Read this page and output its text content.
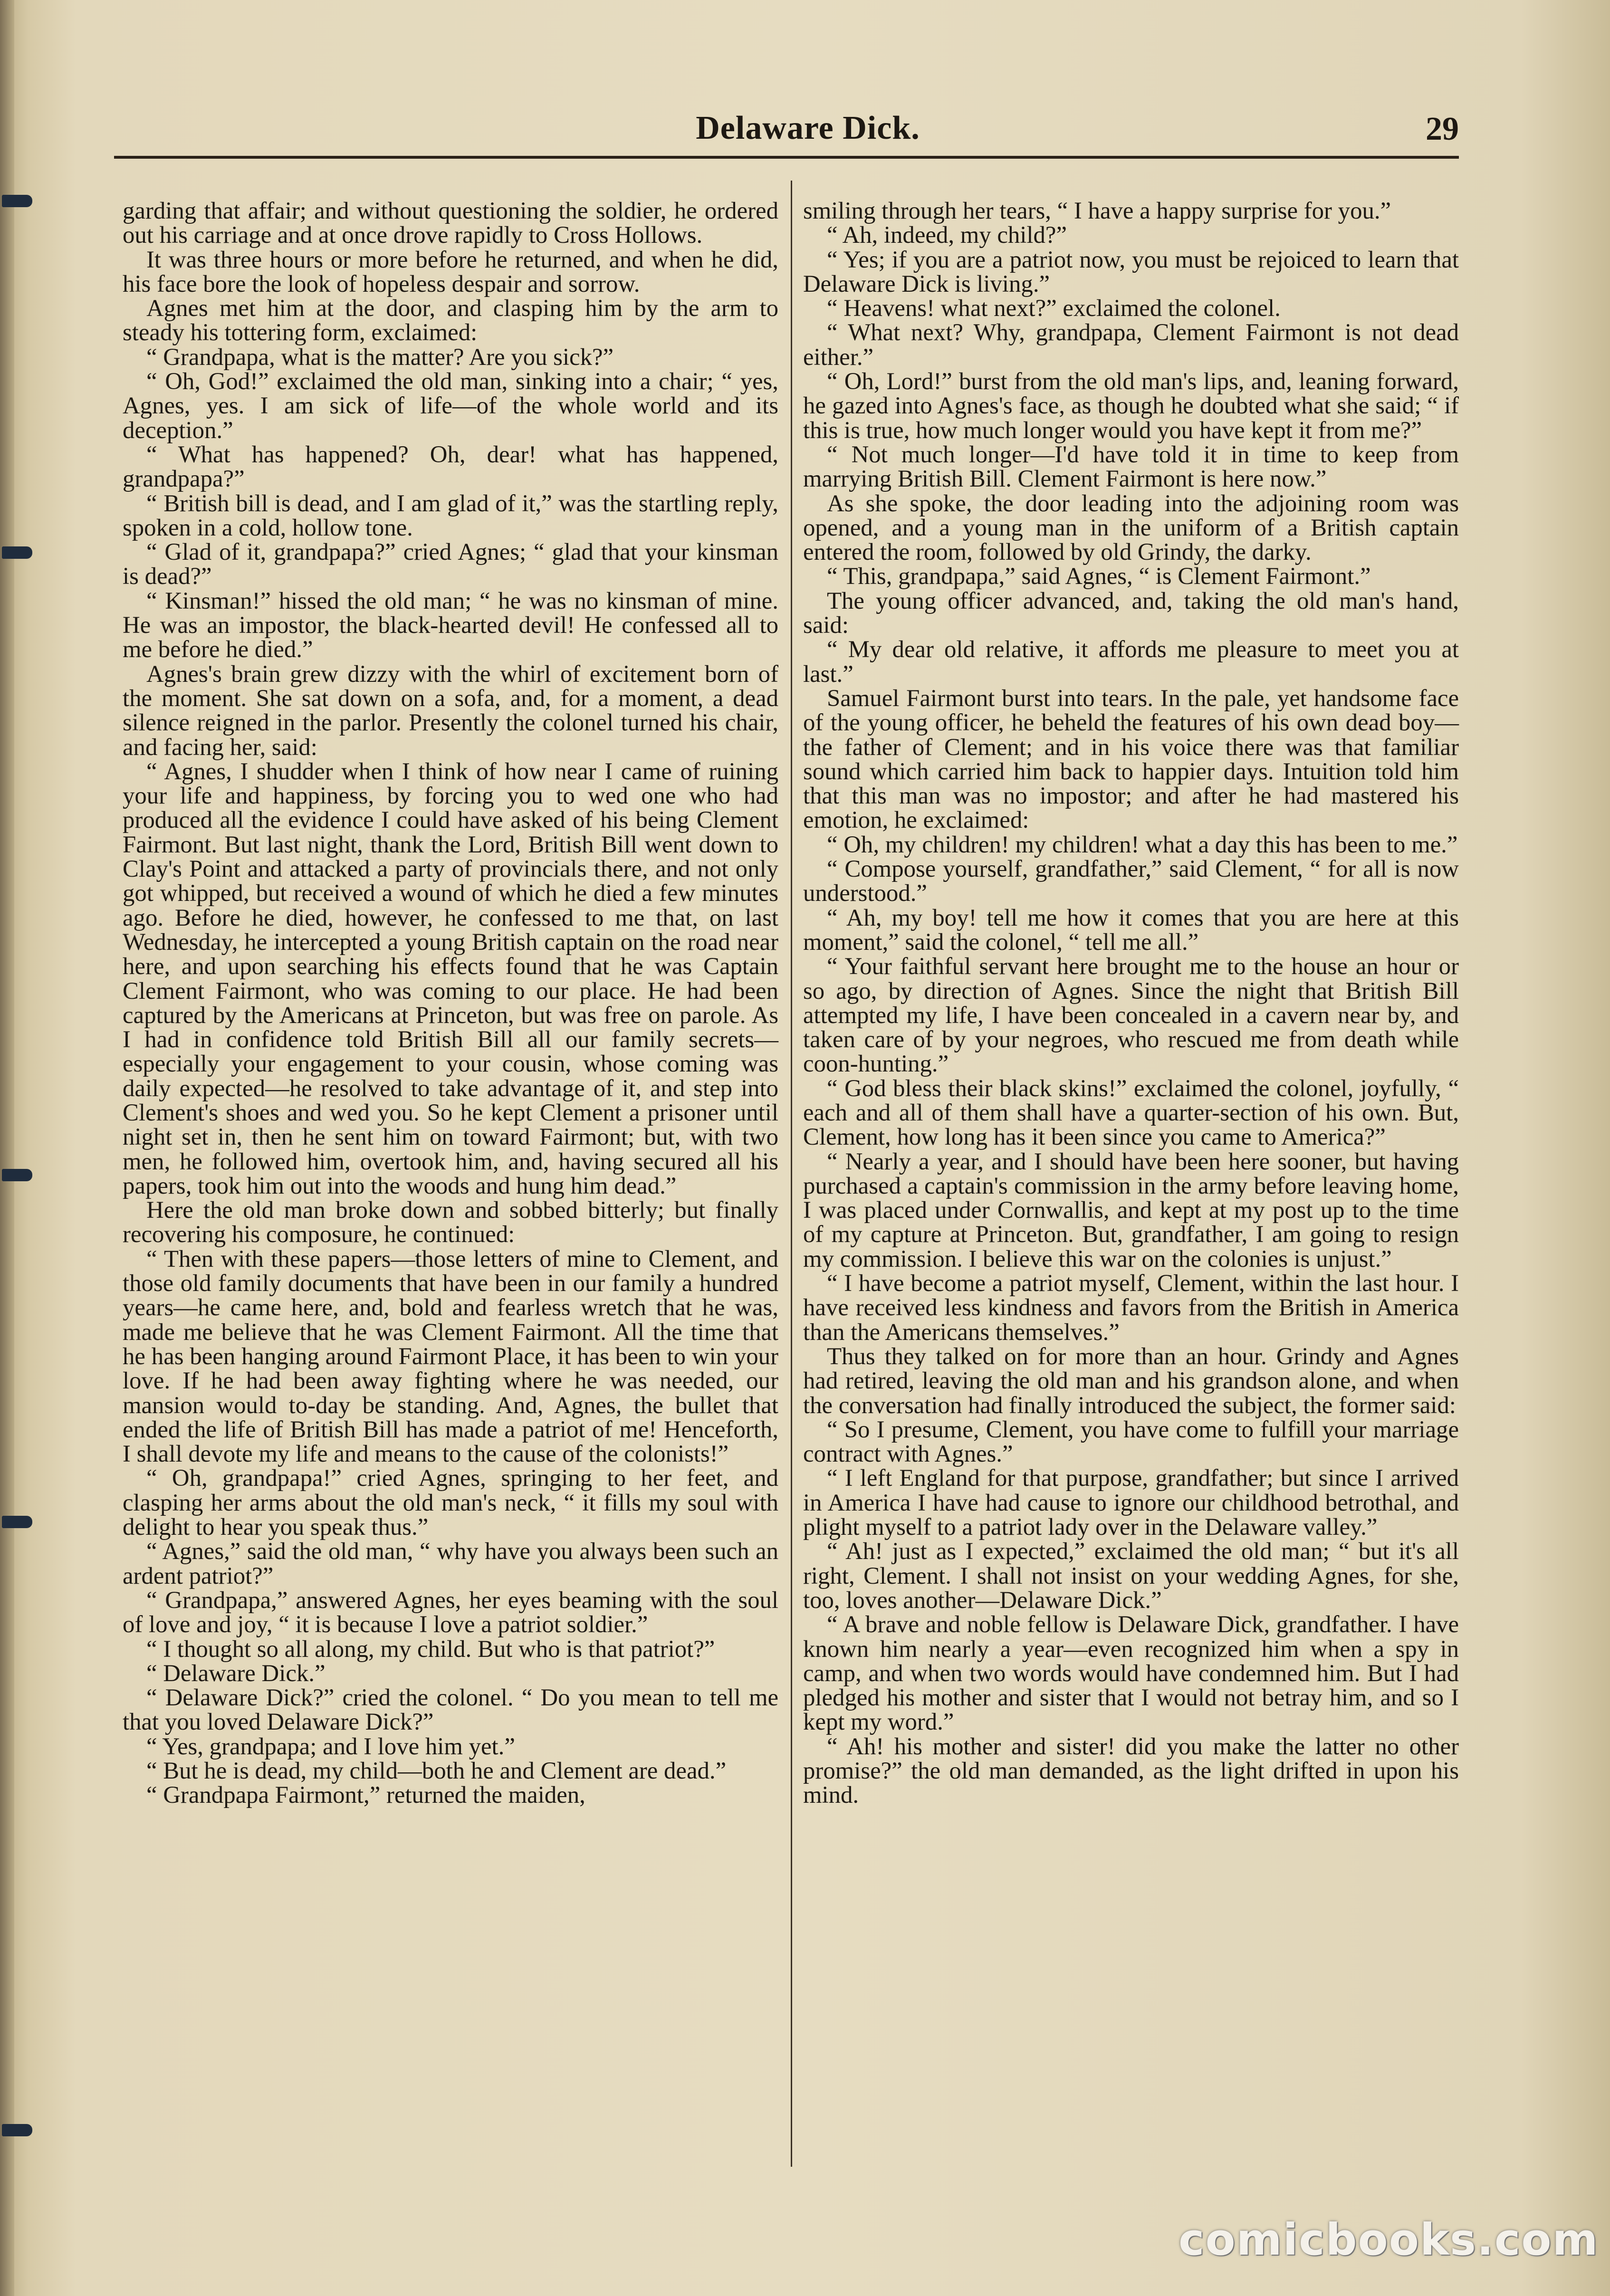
Delaware Dick.	29

garding that affair; and without questioning the soldier, he ordered out his carriage and at once drove rapidly to Cross Hollows.

It was three hours or more before he returned, and when he did, his face bore the look of hopeless despair and sorrow.

Agnes met him at the door, and clasping him by the arm to steady his tottering form, exclaimed:

“ Grandpapa, what is the matter? Are you sick?”

“ Oh, God!” exclaimed the old man, sinking into a chair; “ yes, Agnes, yes. I am sick of life—of the whole world and its deception.”

“ What has happened? Oh, dear! what has happened, grandpapa?”

“ British bill is dead, and I am glad of it,” was the startling reply, spoken in a cold, hollow tone.

“ Glad of it, grandpapa?” cried Agnes; “ glad that your kinsman is dead?”

“ Kinsman!” hissed the old man; “ he was no kinsman of mine. He was an impostor, the black-hearted devil! He confessed all to me before he died.”

Agnes's brain grew dizzy with the whirl of excitement born of the moment. She sat down on a sofa, and, for a moment, a dead silence reigned in the parlor. Presently the colonel turned his chair, and facing her, said:

“ Agnes, I shudder when I think of how near I came of ruining your life and happiness, by forcing you to wed one who had produced all the evidence I could have asked of his being Clement Fairmont. But last night, thank the Lord, British Bill went down to Clay's Point and attacked a party of provincials there, and not only got whipped, but received a wound of which he died a few minutes ago. Before he died, however, he confessed to me that, on last Wednesday, he intercepted a young British captain on the road near here, and upon searching his effects found that he was Captain Clement Fairmont, who was coming to our place. He had been captured by the Americans at Princeton, but was free on parole. As I had in confidence told British Bill all our family secrets—especially your engagement to your cousin, whose coming was daily expected—he resolved to take advantage of it, and step into Clement's shoes and wed you. So he kept Clement a prisoner until night set in, then he sent him on toward Fairmont; but, with two men, he followed him, overtook him, and, having secured all his papers, took him out into the woods and hung him dead.”

Here the old man broke down and sobbed bitterly; but finally recovering his composure, he continued:

“ Then with these papers—those letters of mine to Clement, and those old family documents that have been in our family a hundred years—he came here, and, bold and fearless wretch that he was, made me believe that he was Clement Fairmont. All the time that he has been hanging around Fairmont Place, it has been to win your love. If he had been away fighting where he was needed, our mansion would to-day be standing. And, Agnes, the bullet that ended the life of British Bill has made a patriot of me! Henceforth, I shall devote my life and means to the cause of the colonists!”

“ Oh, grandpapa!” cried Agnes, springing to her feet, and clasping her arms about the old man's neck, “ it fills my soul with delight to hear you speak thus.”

“ Agnes,” said the old man, “ why have you always been such an ardent patriot?”

“ Grandpapa,” answered Agnes, her eyes beaming with the soul of love and joy, “ it is because I love a patriot soldier.”

“ I thought so all along, my child. But who is that patriot?”

“ Delaware Dick.”

“ Delaware Dick?” cried the colonel. “ Do you mean to tell me that you loved Delaware Dick?”

“ Yes, grandpapa; and I love him yet.”

“ But he is dead, my child—both he and Clement are dead.”

“ Grandpapa Fairmont,” returned the maiden,

smiling through her tears, “ I have a happy surprise for you.”

“ Ah, indeed, my child?”

“ Yes; if you are a patriot now, you must be rejoiced to learn that Delaware Dick is living.”

“ Heavens! what next?” exclaimed the colonel.

“ What next? Why, grandpapa, Clement Fairmont is not dead either.”

“ Oh, Lord!” burst from the old man's lips, and, leaning forward, he gazed into Agnes's face, as though he doubted what she said; “ if this is true, how much longer would you have kept it from me?”

“ Not much longer—I'd have told it in time to keep from marrying British Bill. Clement Fairmont is here now.”

As she spoke, the door leading into the adjoining room was opened, and a young man in the uniform of a British captain entered the room, followed by old Grindy, the darky.

“ This, grandpapa,” said Agnes, “ is Clement Fairmont.”

The young officer advanced, and, taking the old man's hand, said:

“ My dear old relative, it affords me pleasure to meet you at last.”

Samuel Fairmont burst into tears. In the pale, yet handsome face of the young officer, he beheld the features of his own dead boy—the father of Clement; and in his voice there was that familiar sound which carried him back to happier days. Intuition told him that this man was no impostor; and after he had mastered his emotion, he exclaimed:

“ Oh, my children! my children! what a day this has been to me.”

“ Compose yourself, grandfather,” said Clement, “ for all is now understood.”

“ Ah, my boy! tell me how it comes that you are here at this moment,” said the colonel, “ tell me all.”

“ Your faithful servant here brought me to the house an hour or so ago, by direction of Agnes. Since the night that British Bill attempted my life, I have been concealed in a cavern near by, and taken care of by your negroes, who rescued me from death while coon-hunting.”

“ God bless their black skins!” exclaimed the colonel, joyfully, “ each and all of them shall have a quarter-section of his own. But, Clement, how long has it been since you came to America?”

“ Nearly a year, and I should have been here sooner, but having purchased a captain's commission in the army before leaving home, I was placed under Cornwallis, and kept at my post up to the time of my capture at Princeton. But, grandfather, I am going to resign my commission. I believe this war on the colonies is unjust.”

“ I have become a patriot myself, Clement, within the last hour. I have received less kindness and favors from the British in America than the Americans themselves.”

Thus they talked on for more than an hour. Grindy and Agnes had retired, leaving the old man and his grandson alone, and when the conversation had finally introduced the subject, the former said:

“ So I presume, Clement, you have come to fulfill your marriage contract with Agnes.”

“ I left England for that purpose, grandfather; but since I arrived in America I have had cause to ignore our childhood betrothal, and plight myself to a patriot lady over in the Delaware valley.”

“ Ah! just as I expected,” exclaimed the old man; “ but it's all right, Clement. I shall not insist on your wedding Agnes, for she, too, loves another—Delaware Dick.”

“ A brave and noble fellow is Delaware Dick, grandfather. I have known him nearly a year—even recognized him when a spy in camp, and when two words would have condemned him. But I had pledged his mother and sister that I would not betray him, and so I kept my word.”

“ Ah! his mother and sister! did you make the latter no other promise?” the old man demanded, as the light drifted in upon his mind.

comicbooks.com
